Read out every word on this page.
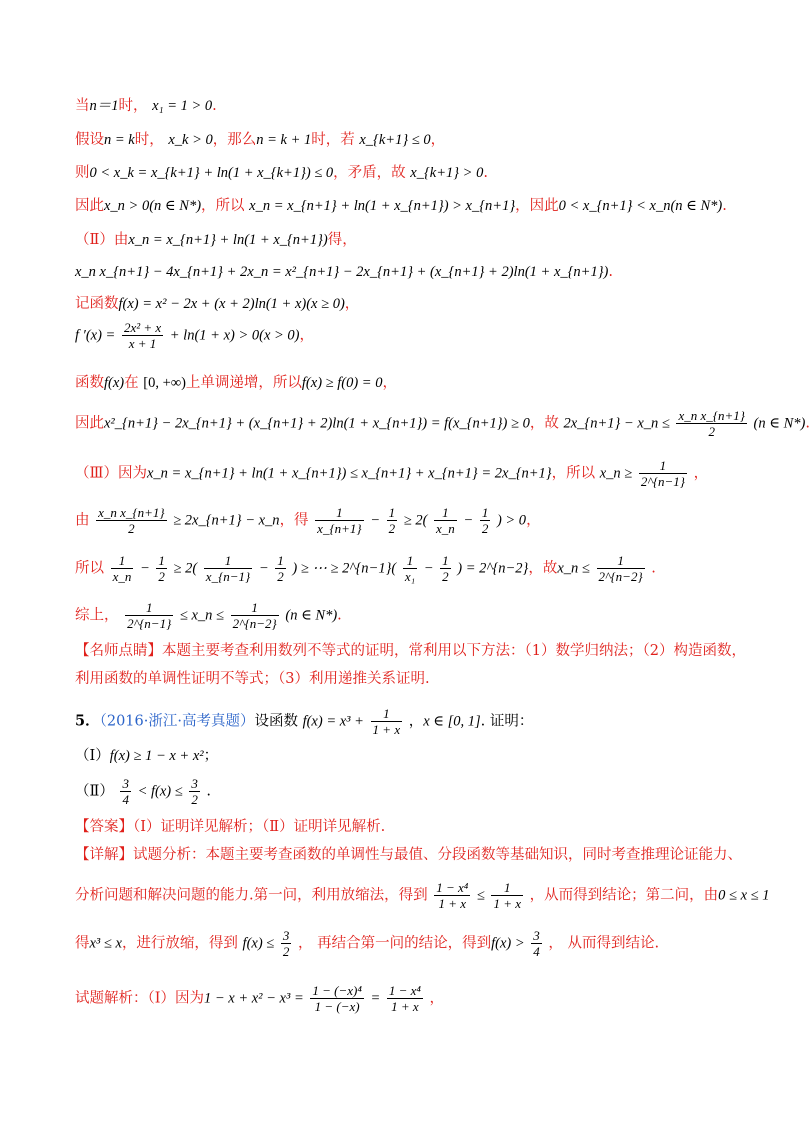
当n＝1时， x₁ = 1 > 0.
假设n = k时， x_k > 0，那么n = k + 1时，若 x_{k+1} ≤ 0，
则0 < x_k = x_{k+1} + ln(1 + x_{k+1}) ≤ 0，矛盾，故 x_{k+1} > 0.
因此x_n > 0(n ∈ N*)，所以 x_n = x_{n+1} + ln(1 + x_{n+1}) > x_{n+1}，因此0 < x_{n+1} < x_n(n ∈ N*).
（Ⅱ）由x_n = x_{n+1} + ln(1 + x_{n+1})得，
x_n x_{n+1} − 4x_{n+1} + 2x_n = x²_{n+1} − 2x_{n+1} + (x_{n+1} + 2)ln(1 + x_{n+1}).
记函数f(x) = x² − 2x + (x + 2)ln(1 + x)(x ≥ 0)，
f $'(x) = \frac{\text{2x² + x}}{x + 1} + \ln(1 + x) > 0(x > 0)$，
函数f(x)在 [0, +∞)上单调递增，所以f(x) ≥ f(0) = 0，
因此x²_{n+1} − 2x_{n+1} + (x_{n+1} + 2)ln(1 + x_{n+1}) = f(x_{n+1}) ≥ 0，故 2x_{n+1} − x_n ≤ $\frac{\text{x\_n x\_\{n+1\}}}{2} (n$ ∈ N*).
（Ⅲ）因为x_n = x_{n+1} + ln(1 + x_{n+1}) ≤ x_{n+1} + x_{n+1} = 2x_{n+1}，所以 x_n ≥ $\frac{1}{2\^{}\{n-1\}}$ ，
由 $\frac{\text{x\_n x\_\{n+1\}}}{2}$ ≥ 2x_{n+1} − x_n，得 $\frac{1}{x\_\{n+1\}} - \frac{1}{2} \ge 2( \frac{1}{x\_n} - \frac{1}{2}$ ) > 0，
所以 $\frac{1}{x\_n} - \frac{1}{2} \ge 2( \frac{1}{x\_\{n-1\}} - \frac{1}{2}$ ) ≥ ⋯ ≥ 2^{n−1}( $\frac{1}{\text{x₁}} - \frac{1}{2}$ ) = 2^{n−2}，故x_n ≤ $\frac{1}{2\^{}\{n-2\}}$ .
综上， $\frac{1}{2\^{}\{n-1\}}$ ≤ x_n ≤ $\frac{1}{2\^{}\{n-2\}} (n$ ∈ N*).
【名师点睛】本题主要考查利用数列不等式的证明，常利用以下方法：（1）数学归纳法；（2）构造函数，
利用函数的单调性证明不等式；（3）利用递推关系证明.
5．（2016·浙江·高考真题）设函数 $f(x) = x^3 + \frac{1}{1 + x}$ ，x ∈ [0, 1]. 证明：
（Ⅰ）f(x) ≥ 1 − x + x²；
（Ⅱ） $\frac{3}{4} < f(x) \le \frac{3}{2}$ .
【答案】（Ⅰ）证明详见解析；（Ⅱ）证明详见解析.
【详解】试题分析：本题主要考查函数的单调性与最值、分段函数等基础知识，同时考查推理论证能力、
分析问题和解决问题的能力.第一问，利用放缩法，得到 $\frac{\text{1 − x⁴}}{1 + x} \le \frac{1}{1 + x}$ ，从而得到结论；第二问，由0 ≤ x ≤ 1
得x³ ≤ x，进行放缩，得到 $f(x) \le \frac{3}{2}$ ， 再结合第一问的结论，得到$f(x) > \frac{3}{4}$ ， 从而得到结论.
试题解析：（Ⅰ）因为$1 - x + x^2 - x^3 = \frac{\text{1 − (−x)⁴}}{1 - (-x)} = \frac{\text{1 − x⁴}}{1 + x}$ ，
